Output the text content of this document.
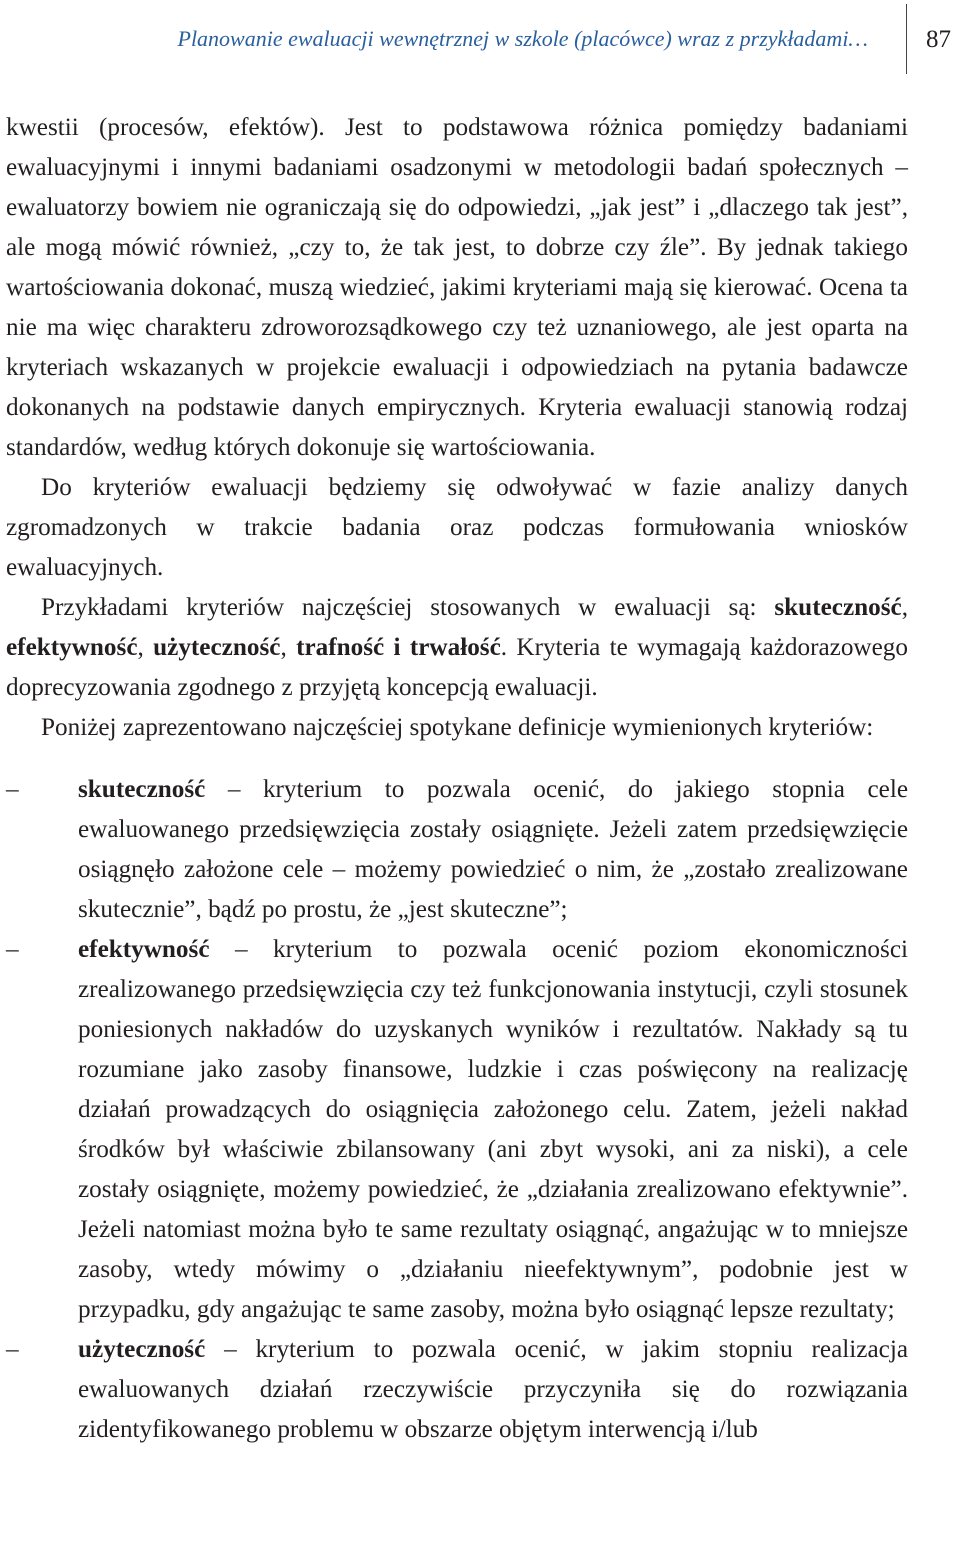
Planowanie ewaluacji wewnętrznej w szkole (placówce) wraz z przykładami… 87

kwestii (procesów, efektów). Jest to podstawowa różnica pomiędzy badaniami ewaluacyjnymi i innymi badaniami osadzonymi w metodologii badań społecznych – ewaluatorzy bowiem nie ograniczają się do odpowiedzi, „jak jest” i „dlaczego tak jest”, ale mogą mówić również, „czy to, że tak jest, to dobrze czy źle”. By jednak takiego wartościowania dokonać, muszą wiedzieć, jakimi kryteriami mają się kierować. Ocena ta nie ma więc charakteru zdroworozsądkowego czy też uznaniowego, ale jest oparta na kryteriach wskazanych w projekcie ewaluacji i odpowiedziach na pytania badawcze dokonanych na podstawie danych empirycznych. Kryteria ewaluacji stanowią rodzaj standardów, według których dokonuje się wartościowania.

Do kryteriów ewaluacji będziemy się odwoływać w fazie analizy danych zgromadzonych w trakcie badania oraz podczas formułowania wniosków ewaluacyjnych.

Przykładami kryteriów najczęściej stosowanych w ewaluacji są: skuteczność, efektywność, użyteczność, trafność i trwałość. Kryteria te wymagają każdorazowego doprecyzowania zgodnego z przyjętą koncepcją ewaluacji.

Poniżej zaprezentowano najczęściej spotykane definicje wymienionych kryteriów:

–	skuteczność – kryterium to pozwala ocenić, do jakiego stopnia cele ewaluowanego przedsięwzięcia zostały osiągnięte. Jeżeli zatem przedsięwzięcie osiągnęło założone cele – możemy powiedzieć o nim, że „zostało zrealizowane skutecznie”, bądź po prostu, że „jest skuteczne”;
–	efektywność – kryterium to pozwala ocenić poziom ekonomiczności zrealizowanego przedsięwzięcia czy też funkcjonowania instytucji, czyli stosunek poniesionych nakładów do uzyskanych wyników i rezultatów. Nakłady są tu rozumiane jako zasoby finansowe, ludzkie i czas poświęcony na realizację działań prowadzących do osiągnięcia założonego celu. Zatem, jeżeli nakład środków był właściwie zbilansowany (ani zbyt wysoki, ani za niski), a cele zostały osiągnięte, możemy powiedzieć, że „działania zrealizowano efektywnie”. Jeżeli natomiast można było te same rezultaty osiągnąć, angażując w to mniejsze zasoby, wtedy mówimy o „działaniu nieefektywnym”, podobnie jest w przypadku, gdy angażując te same zasoby, można było osiągnąć lepsze rezultaty;
–	użyteczność – kryterium to pozwala ocenić, w jakim stopniu realizacja ewaluowanych działań rzeczywiście przyczyniła się do rozwiązania zidentyfikowanego problemu w obszarze objętym interwencją i/lub
